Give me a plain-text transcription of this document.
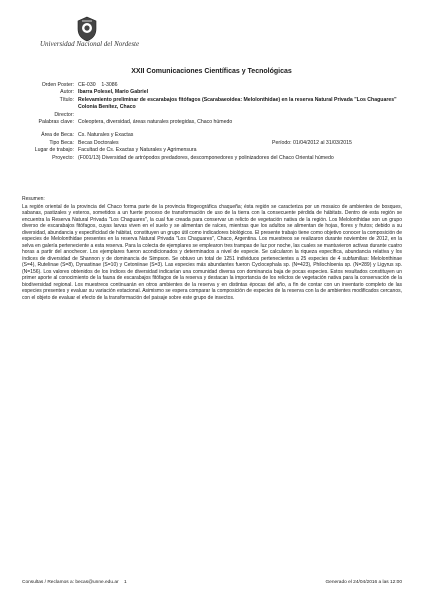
Universidad Nacional del Nordeste
XXII Comunicaciones Científicas y Tecnológicas
Orden Poster: CE-030 1-3086
Autor: Ibarra Polesel, Mario Gabriel
Título: Relevamiento preliminar de escarabajos fitófagos (Scarabaeoidea: Melolonthidae) en la reserva Natural Privada "Los Chaguares" Colonia Benítez, Chaco
Director:
Palabras clave: Coleoptera, diversidad, áreas naturales protegidas, Chaco húmedo
Área de Beca: Cs. Naturales y Exactas
Tipo Beca: Becas Doctorales	Período: 01/04/2012 al 31/03/2015
Lugar de trabajo: Facultad de Cs. Exactas y Naturales y Agrimensura
Proyecto: (F001/13) Diversidad de artrópodos predadores, descomponedores y polinizadores del Chaco Oriental húmedo
Resumen:
La región oriental de la provincia del Chaco forma parte de la provincia fitogeográfica chaqueña; ésta región se caracteriza por un mosaico de ambientes de bosques, sabanas, pastizales y esteros, sometidos a un fuerte proceso de transformación de uso de la tierra con la consecuente pérdida de hábitats. Dentro de esta región se encuentra la Reserva Natural Privada "Los Chaguares", la cual fue creada para conservar un relicto de vegetación nativa de la región. Los Melolonthidae son un grupo diverso de escarabajos fitófagos, cuyas larvas viven en el suelo y se alimentan de raíces, mientras que los adultos se alimentan de hojas, flores y frutos; debido a su diversidad, abundancia y especificidad de hábitat, constituyen un grupo útil como indicadores biológicos. El presente trabajo tiene como objetivo conocer la composición de especies de Melolonthidae presentes en la reserva Natural Privada "Los Chaguares", Chaco, Argentina. Los muestreos se realizaron durante noviembre de 2012, en la selva en galería perteneciente a esta reserva. Para la colecta de ejemplares se emplearon tres trampas de luz por noche, las cuales se mantuvieron activas durante cuatro horas a partir del anochecer. Los ejemplares fueron acondicionados y determinados a nivel de especie. Se calcularon la riqueza específica, abundancia relativa y los índices de diversidad de Shannon y de dominancia de Simpson. Se obtuvo un total de 1251 individuos pertenecientes a 25 especies de 4 subfamilias: Melolonthinae (S=4), Rutelinae (S=8), Dynastinae (S=10) y Cetoniinae (S=3). Las especies más abundantes fueron Cyclocephala sp. (N=423), Philochloenia sp. (N=289) y Ligyrus sp. (N=156). Los valores obtenidos de los índices de diversidad indicarían una comunidad diversa con dominancia baja de pocas especies. Estos resultados constituyen un primer aporte al conocimiento de la fauna de escarabajos fitófagos de la reserva y destacan la importancia de los relictos de vegetación nativa para la conservación de la biodiversidad regional. Los muestreos continuarán en otros ambientes de la reserva y en distintas épocas del año, a fin de contar con un inventario completo de las especies presentes y evaluar su variación estacional. Asimismo se espera comparar la composición de especies de la reserva con la de ambientes modificados cercanos, con el objeto de evaluar el efecto de la transformación del paisaje sobre este grupo de insectos.
Consultas / Reclamos a: becas@unne.edu.ar 1	Generado el 24/04/2016 a las 12:00
